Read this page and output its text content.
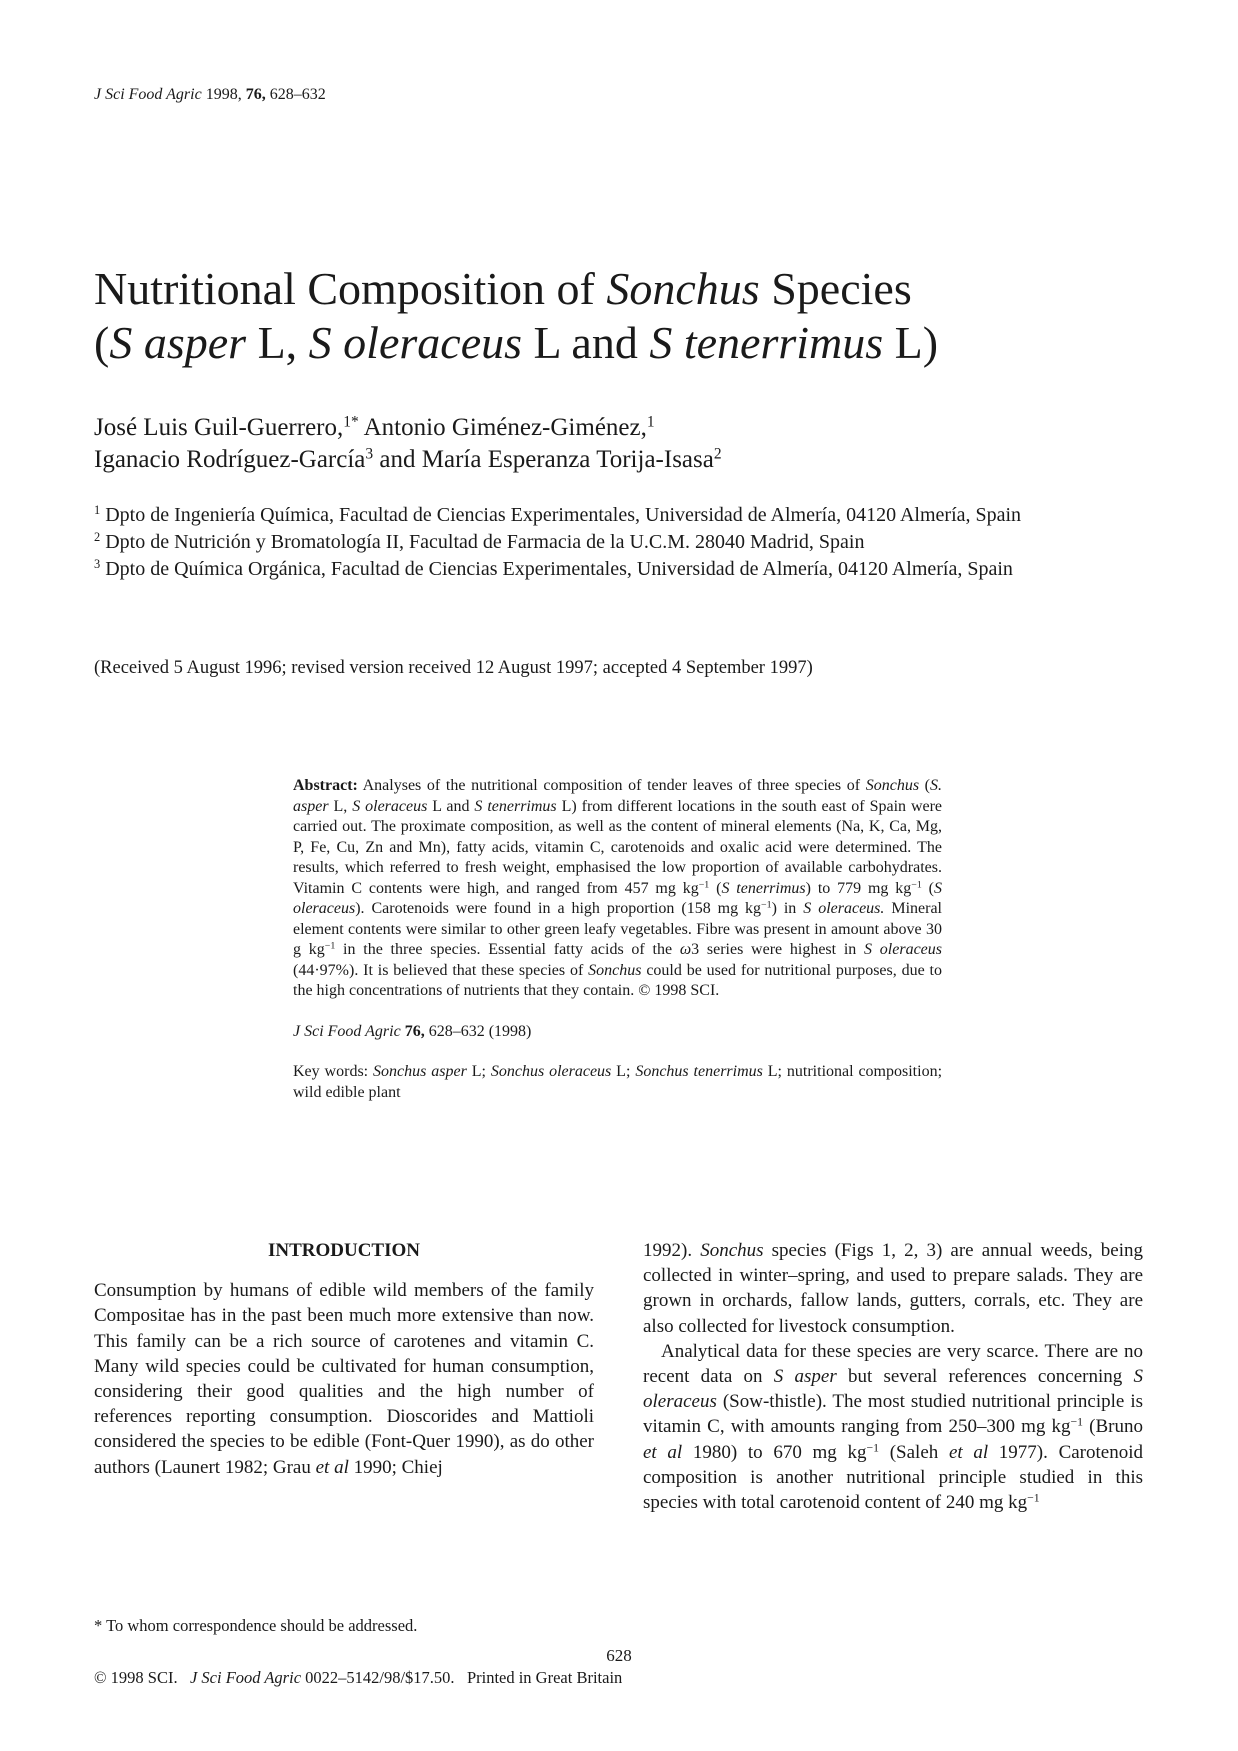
J Sci Food Agric 1998, 76, 628–632
Nutritional Composition of Sonchus Species
(S asper L, S oleraceus L and S tenerrimus L)
José Luis Guil-Guerrero,$^{1*}$ Antonio Giménez-Giménez,$^1$
Iganacio Rodríguez-García$^3$ and María Esperanza Torija-Isasa$^2$

$^1$ Dpto de Ingeniería Química, Facultad de Ciencias Experimentales, Universidad de Almería, 04120 Almería, Spain

$^2$ Dpto de Nutrición y Bromatología II, Facultad de Farmacia de la U.C.M. 28040 Madrid, Spain

$^3$ Dpto de Química Orgánica, Facultad de Ciencias Experimentales, Universidad de Almería, 04120 Almería, Spain

(Received 5 August 1996; revised version received 12 August 1997; accepted 4 September 1997)

Abstract: Analyses of the nutritional composition of tender leaves of three species of Sonchus (S. asper L, S oleraceus L and S tenerrimus L) from different locations in the south east of Spain were carried out. The proximate composition, as well as the content of mineral elements (Na, K, Ca, Mg, P, Fe, Cu, Zn and Mn), fatty acids, vitamin C, carotenoids and oxalic acid were determined. The results, which referred to fresh weight, emphasised the low proportion of available carbohydrates. Vitamin C contents were high, and ranged from 457 mg $kg^{-1}$ (S tenerrimus) to 779 mg $kg^{-1}$ (S oleraceus). Carotenoids were found in a high proportion (158 mg $kg^{-1}$) in S oleraceus. Mineral element contents were similar to other green leafy vegetables. Fibre was present in amount above 30 g $kg^{-1}$ in the three species. Essential fatty acids of the ω3 series were highest in S oleraceus (44·97%). It is believed that these species of Sonchus could be used for nutritional purposes, due to the high concentrations of nutrients that they contain. © 1998 SCI.

J Sci Food Agric 76, 628–632 (1998)

Key words: Sonchus asper L; Sonchus oleraceus L; Sonchus tenerrimus L; nutritional composition; wild edible plant

INTRODUCTION

Consumption by humans of edible wild members of the family Compositae has in the past been much more extensive than now. This family can be a rich source of carotenes and vitamin C. Many wild species could be cultivated for human consumption, considering their good qualities and the high number of references reporting consumption. Dioscorides and Mattioli considered the species to be edible (Font-Quer 1990), as do other authors (Launert 1982; Grau et al 1990; Chiej

1992). Sonchus species (Figs 1, 2, 3) are annual weeds, being collected in winter–spring, and used to prepare salads. They are grown in orchards, fallow lands, gutters, corrals, etc. They are also collected for livestock consumption.

Analytical data for these species are very scarce. There are no recent data on S asper but several references concerning S oleraceus (Sow-thistle). The most studied nutritional principle is vitamin C, with amounts ranging from 250–300 mg $kg^{-1}$ (Bruno et al 1980) to 670 mg $kg^{-1}$ (Saleh et al 1977). Carotenoid composition is another nutritional principle studied in this species with total carotenoid content of 240 mg $kg^{-1}$

* To whom correspondence should be addressed.
628
© 1998 SCI. J Sci Food Agric 0022–5142/98/$17.50. Printed in Great Britain
